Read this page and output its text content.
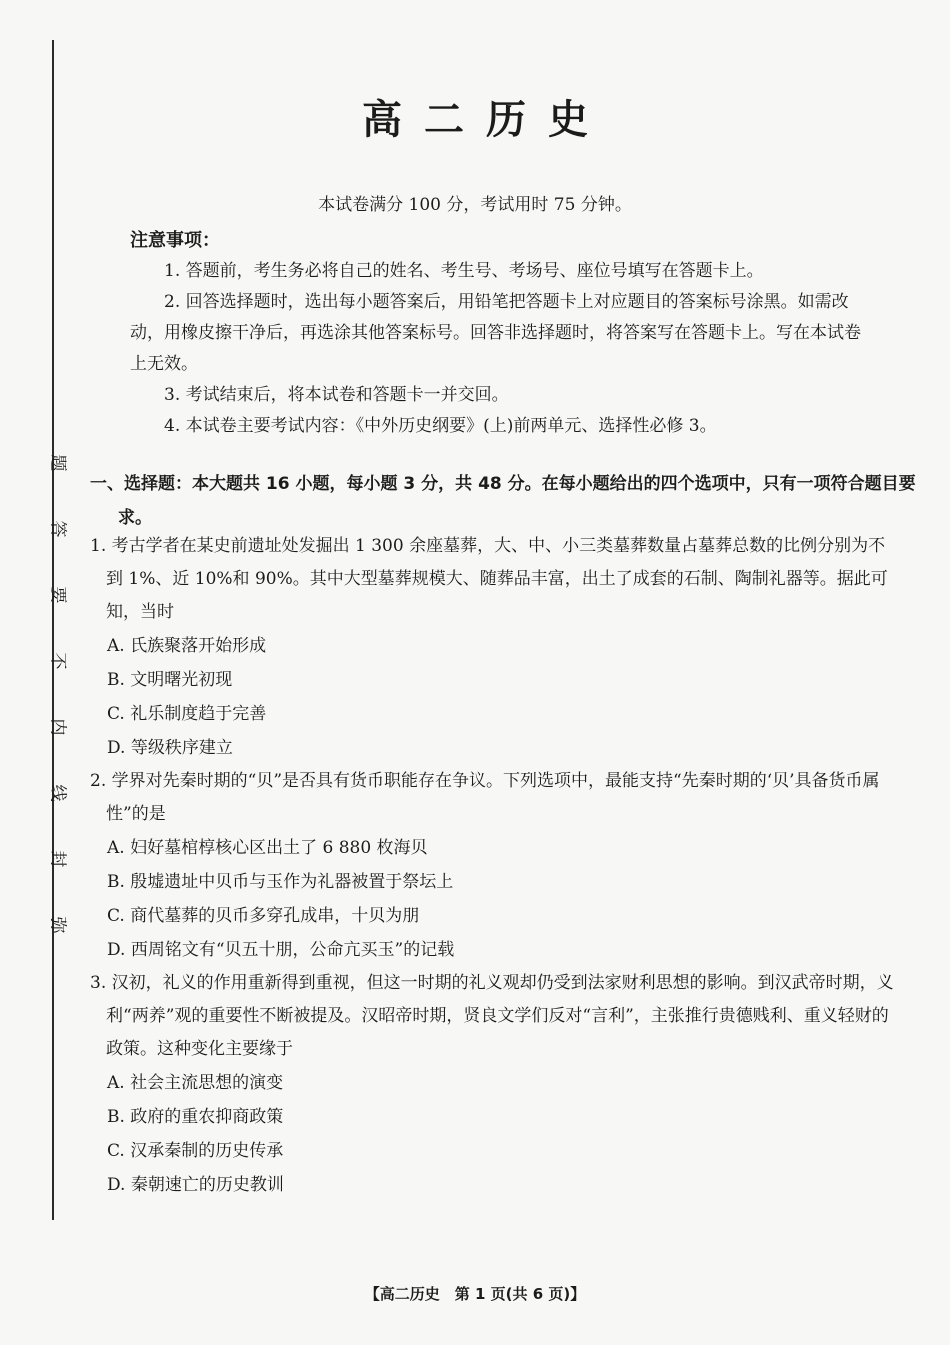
题
答
要
不
内
线
封
弥
高二历史
本试卷满分 100 分，考试用时 75 分钟。
注意事项：
1. 答题前，考生务必将自己的姓名、考生号、考场号、座位号填写在答题卡上。
2. 回答选择题时，选出每小题答案后，用铅笔把答题卡上对应题目的答案标号涂黑。如需改动，用橡皮擦干净后，再选涂其他答案标号。回答非选择题时，将答案写在答题卡上。写在本试卷上无效。
3. 考试结束后，将本试卷和答题卡一并交回。
4. 本试卷主要考试内容：《中外历史纲要》(上)前两单元、选择性必修 3。
一、选择题：本大题共 16 小题，每小题 3 分，共 48 分。在每小题给出的四个选项中，只有一项符合题目要求。
1. 考古学者在某史前遗址处发掘出 1 300 余座墓葬，大、中、小三类墓葬数量占墓葬总数的比例分别为不到 1%、近 10%和 90%。其中大型墓葬规模大、随葬品丰富，出土了成套的石制、陶制礼器等。据此可知，当时
A. 氏族聚落开始形成
B. 文明曙光初现
C. 礼乐制度趋于完善
D. 等级秩序建立
2. 学界对先秦时期的“贝”是否具有货币职能存在争议。下列选项中，最能支持“先秦时期的‘贝’具备货币属性”的是
A. 妇好墓棺椁核心区出土了 6 880 枚海贝
B. 殷墟遗址中贝币与玉作为礼器被置于祭坛上
C. 商代墓葬的贝币多穿孔成串，十贝为朋
D. 西周铭文有“贝五十朋，公命亢买玉”的记载
3. 汉初，礼义的作用重新得到重视，但这一时期的礼义观却仍受到法家财利思想的影响。到汉武帝时期，义利“两养”观的重要性不断被提及。汉昭帝时期，贤良文学们反对“言利”，主张推行贵德贱利、重义轻财的政策。这种变化主要缘于
A. 社会主流思想的演变
B. 政府的重农抑商政策
C. 汉承秦制的历史传承
D. 秦朝速亡的历史教训
【高二历史　第 1 页(共 6 页)】
